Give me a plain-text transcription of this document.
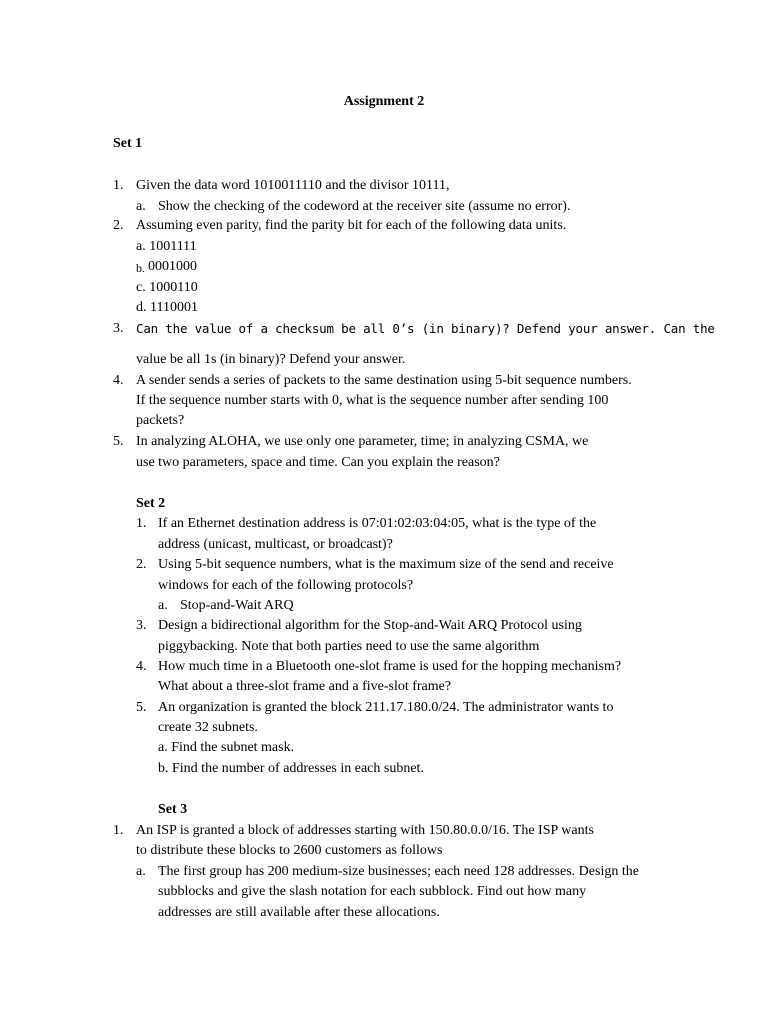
Assignment 2
Set 1
1. Given the data word 1010011110 and the divisor 10111,
a. Show the checking of the codeword at the receiver site (assume no error).
2. Assuming even parity, find the parity bit for each of the following data units.
a. 1001111
b. 0001000
c. 1000110
d. 1110001
3. Can the value of a checksum be all 0’s (in binary)? Defend your answer. Can the
value be all 1s (in binary)? Defend your answer.
4. A sender sends a series of packets to the same destination using 5-bit sequence numbers.
If the sequence number starts with 0, what is the sequence number after sending 100
packets?
5. In analyzing ALOHA, we use only one parameter, time; in analyzing CSMA, we
use two parameters, space and time. Can you explain the reason?
Set 2
1. If an Ethernet destination address is 07:01:02:03:04:05, what is the type of the
address (unicast, multicast, or broadcast)?
2. Using 5-bit sequence numbers, what is the maximum size of the send and receive
windows for each of the following protocols?
a. Stop-and-Wait ARQ
3. Design a bidirectional algorithm for the Stop-and-Wait ARQ Protocol using
piggybacking. Note that both parties need to use the same algorithm
4. How much time in a Bluetooth one-slot frame is used for the hopping mechanism?
What about a three-slot frame and a five-slot frame?
5. An organization is granted the block 211.17.180.0/24. The administrator wants to
create 32 subnets.
a. Find the subnet mask.
b. Find the number of addresses in each subnet.
Set 3
1. An ISP is granted a block of addresses starting with 150.80.0.0/16. The ISP wants
to distribute these blocks to 2600 customers as follows
a. The first group has 200 medium-size businesses; each need 128 addresses. Design the
subblocks and give the slash notation for each subblock. Find out how many
addresses are still available after these allocations.
